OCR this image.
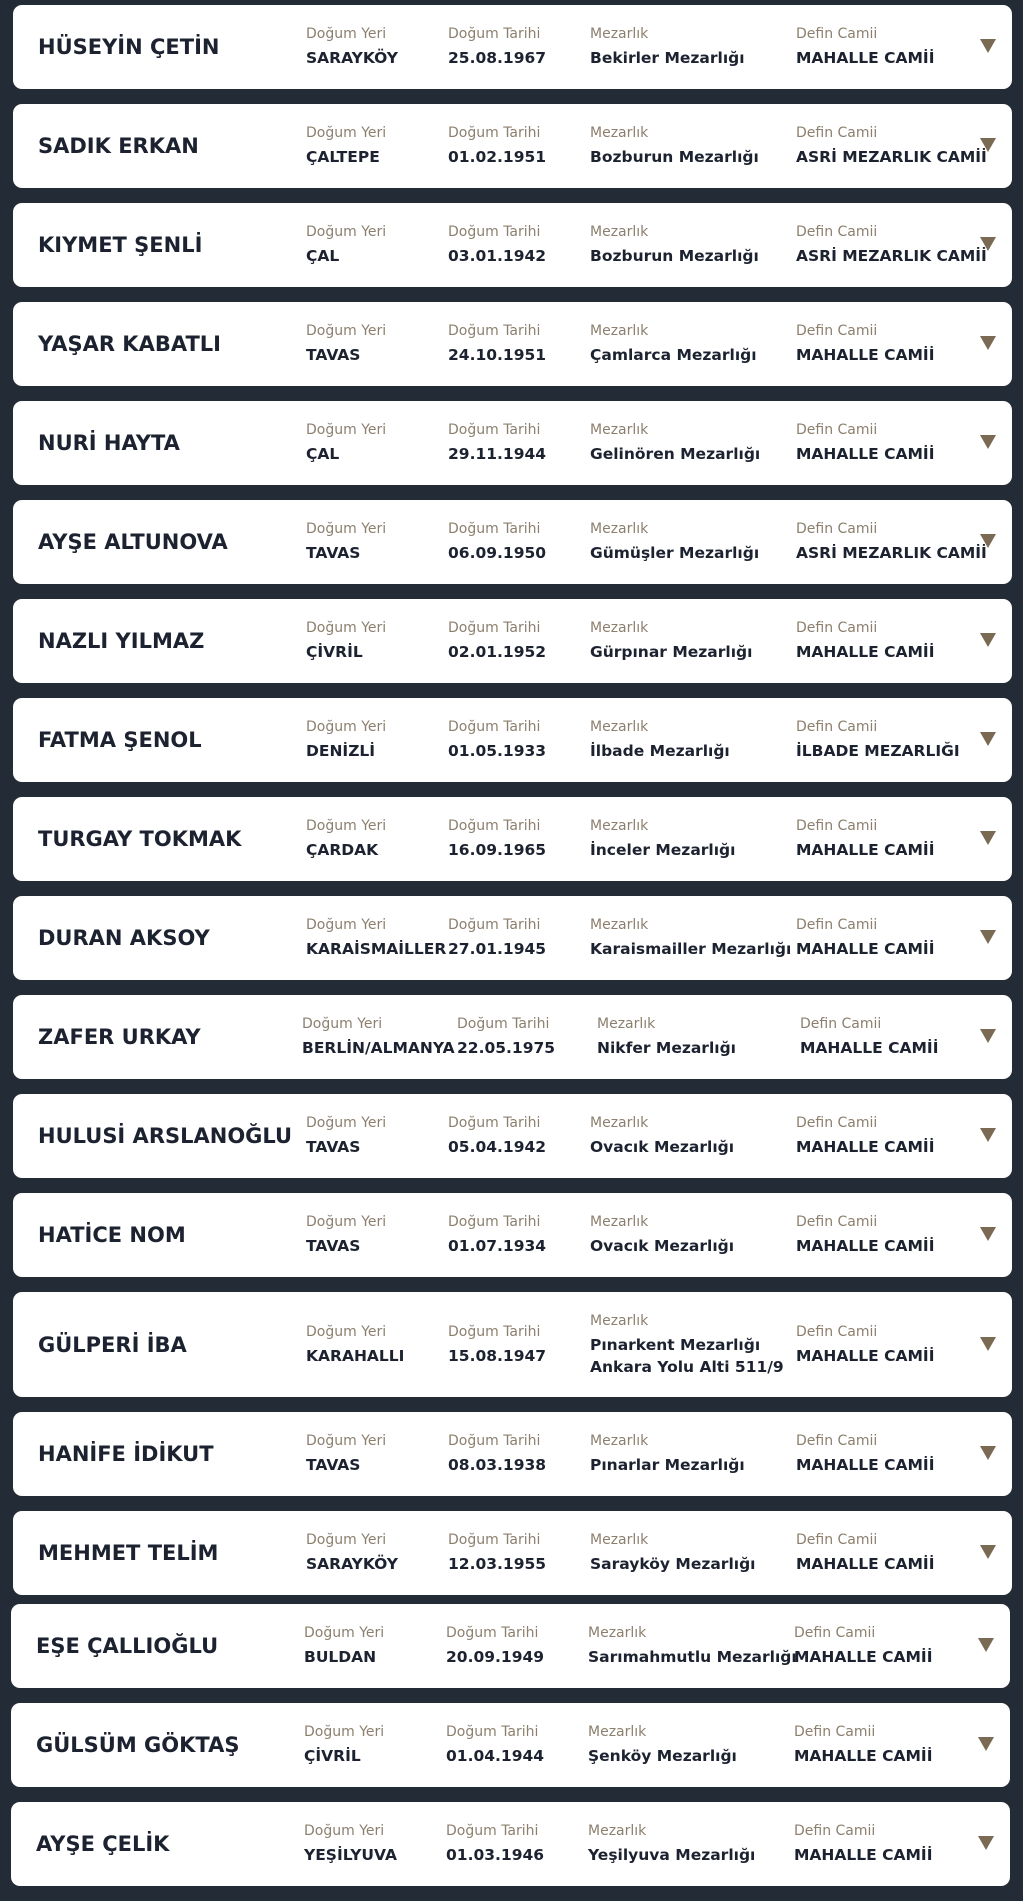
HÜSEYİN ÇETİN
Doğum Yeri
SARAYKÖY
Doğum Tarihi
25.08.1967
Mezarlık
Bekirler Mezarlığı
Defin Camii
MAHALLE CAMİİ
SADIK ERKAN
Doğum Yeri
ÇALTEPE
Doğum Tarihi
01.02.1951
Mezarlık
Bozburun Mezarlığı
Defin Camii
ASRİ MEZARLIK CAMİİ
KIYMET ŞENLİ
Doğum Yeri
ÇAL
Doğum Tarihi
03.01.1942
Mezarlık
Bozburun Mezarlığı
Defin Camii
ASRİ MEZARLIK CAMİİ
YAŞAR KABATLI
Doğum Yeri
TAVAS
Doğum Tarihi
24.10.1951
Mezarlık
Çamlarca Mezarlığı
Defin Camii
MAHALLE CAMİİ
NURİ HAYTA
Doğum Yeri
ÇAL
Doğum Tarihi
29.11.1944
Mezarlık
Gelinören Mezarlığı
Defin Camii
MAHALLE CAMİİ
AYŞE ALTUNOVA
Doğum Yeri
TAVAS
Doğum Tarihi
06.09.1950
Mezarlık
Gümüşler Mezarlığı
Defin Camii
ASRİ MEZARLIK CAMİİ
NAZLI YILMAZ
Doğum Yeri
ÇİVRİL
Doğum Tarihi
02.01.1952
Mezarlık
Gürpınar Mezarlığı
Defin Camii
MAHALLE CAMİİ
FATMA ŞENOL
Doğum Yeri
DENİZLİ
Doğum Tarihi
01.05.1933
Mezarlık
İlbade Mezarlığı
Defin Camii
İLBADE MEZARLIĞI
TURGAY TOKMAK
Doğum Yeri
ÇARDAK
Doğum Tarihi
16.09.1965
Mezarlık
İnceler Mezarlığı
Defin Camii
MAHALLE CAMİİ
DURAN AKSOY
Doğum Yeri
KARAİSMAİLLER
Doğum Tarihi
27.01.1945
Mezarlık
Karaismailler Mezarlığı
Defin Camii
MAHALLE CAMİİ
ZAFER URKAY
Doğum Yeri
BERLİN/ALMANYA
Doğum Tarihi
22.05.1975
Mezarlık
Nikfer Mezarlığı
Defin Camii
MAHALLE CAMİİ
HULUSİ ARSLANOĞLU
Doğum Yeri
TAVAS
Doğum Tarihi
05.04.1942
Mezarlık
Ovacık Mezarlığı
Defin Camii
MAHALLE CAMİİ
HATİCE NOM
Doğum Yeri
TAVAS
Doğum Tarihi
01.07.1934
Mezarlık
Ovacık Mezarlığı
Defin Camii
MAHALLE CAMİİ
GÜLPERİ İBA
Doğum Yeri
KARAHALLI
Doğum Tarihi
15.08.1947
Mezarlık
Pınarkent Mezarlığı
Ankara Yolu Alti 511/9
Defin Camii
MAHALLE CAMİİ
HANİFE İDİKUT
Doğum Yeri
TAVAS
Doğum Tarihi
08.03.1938
Mezarlık
Pınarlar Mezarlığı
Defin Camii
MAHALLE CAMİİ
MEHMET TELİM
Doğum Yeri
SARAYKÖY
Doğum Tarihi
12.03.1955
Mezarlık
Sarayköy Mezarlığı
Defin Camii
MAHALLE CAMİİ
EŞE ÇALLIOĞLU
Doğum Yeri
BULDAN
Doğum Tarihi
20.09.1949
Mezarlık
Sarımahmutlu Mezarlığı
Defin Camii
MAHALLE CAMİİ
GÜLSÜM GÖKTAŞ
Doğum Yeri
ÇİVRİL
Doğum Tarihi
01.04.1944
Mezarlık
Şenköy Mezarlığı
Defin Camii
MAHALLE CAMİİ
AYŞE ÇELİK
Doğum Yeri
YEŞİLYUVA
Doğum Tarihi
01.03.1946
Mezarlık
Yeşilyuva Mezarlığı
Defin Camii
MAHALLE CAMİİ
